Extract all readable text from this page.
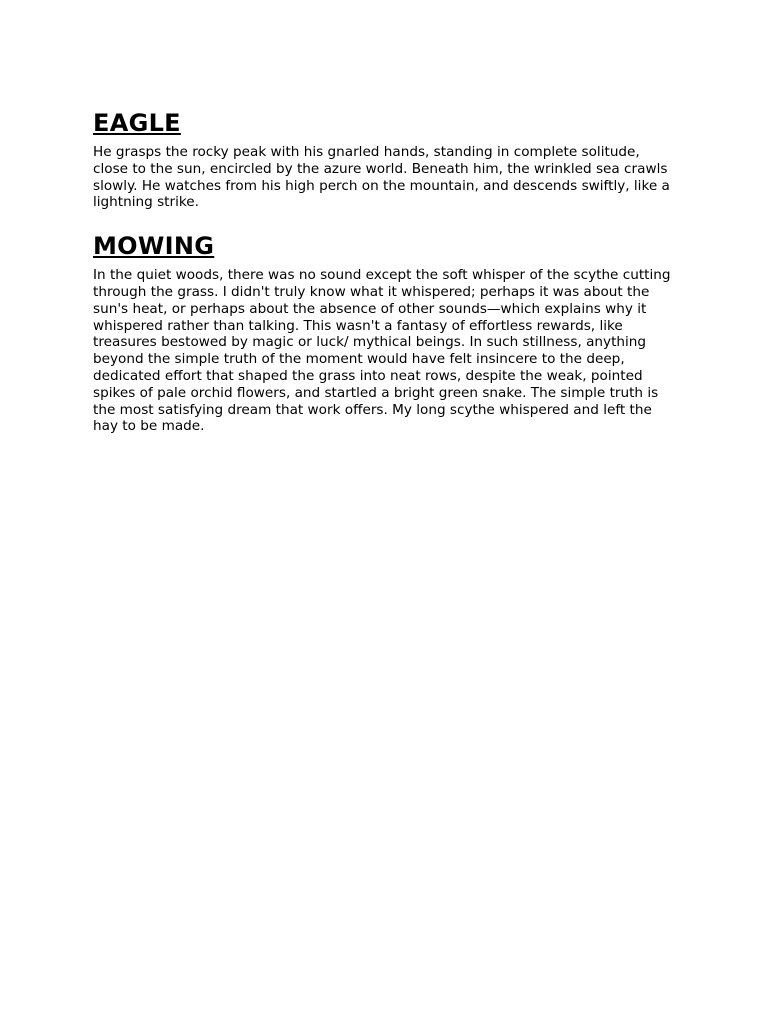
EAGLE

He grasps the rocky peak with his gnarled hands, standing in complete solitude, close to the sun, encircled by the azure world. Beneath him, the wrinkled sea crawls slowly. He watches from his high perch on the mountain, and descends swiftly, like a lightning strike.

MOWING

In the quiet woods, there was no sound except the soft whisper of the scythe cutting through the grass. I didn't truly know what it whispered; perhaps it was about the sun's heat, or perhaps about the absence of other sounds—which explains why it whispered rather than talking. This wasn't a fantasy of effortless rewards, like treasures bestowed by magic or luck/ mythical beings. In such stillness, anything beyond the simple truth of the moment would have felt insincere to the deep, dedicated effort that shaped the grass into neat rows, despite the weak, pointed spikes of pale orchid flowers, and startled a bright green snake. The simple truth is the most satisfying dream that work offers. My long scythe whispered and left the hay to be made.
